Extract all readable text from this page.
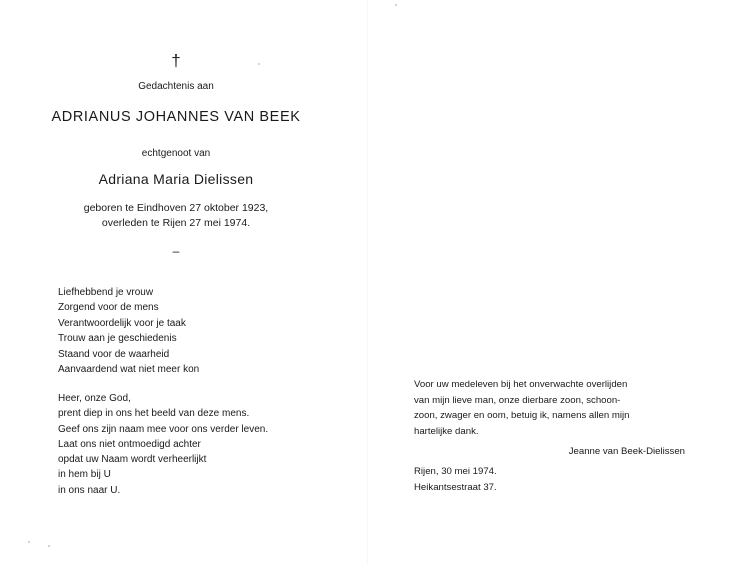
†
Gedachtenis aan
ADRIANUS JOHANNES VAN BEEK
echtgenoot van
Adriana Maria Dielissen
geboren te Eindhoven 27 oktober 1923,
overleden te Rijen 27 mei 1974.
–
Liefhebbend je vrouw
Zorgend voor de mens
Verantwoordelijk voor je taak
Trouw aan je geschiedenis
Staand voor de waarheid
Aanvaardend wat niet meer kon
Heer, onze God,
prent diep in ons het beeld van deze mens.
Geef ons zijn naam mee voor ons verder leven.
Laat ons niet ontmoedigd achter
opdat uw Naam wordt verheerlijkt
in hem bij U
in ons naar U.
Voor uw medeleven bij het onverwachte overlijden
van mijn lieve man, onze dierbare zoon, schoon-
zoon, zwager en oom, betuig ik, namens allen mijn
hartelijke dank.
Jeanne van Beek-Dielissen
Rijen, 30 mei 1974.
Heikantsestraat 37.
